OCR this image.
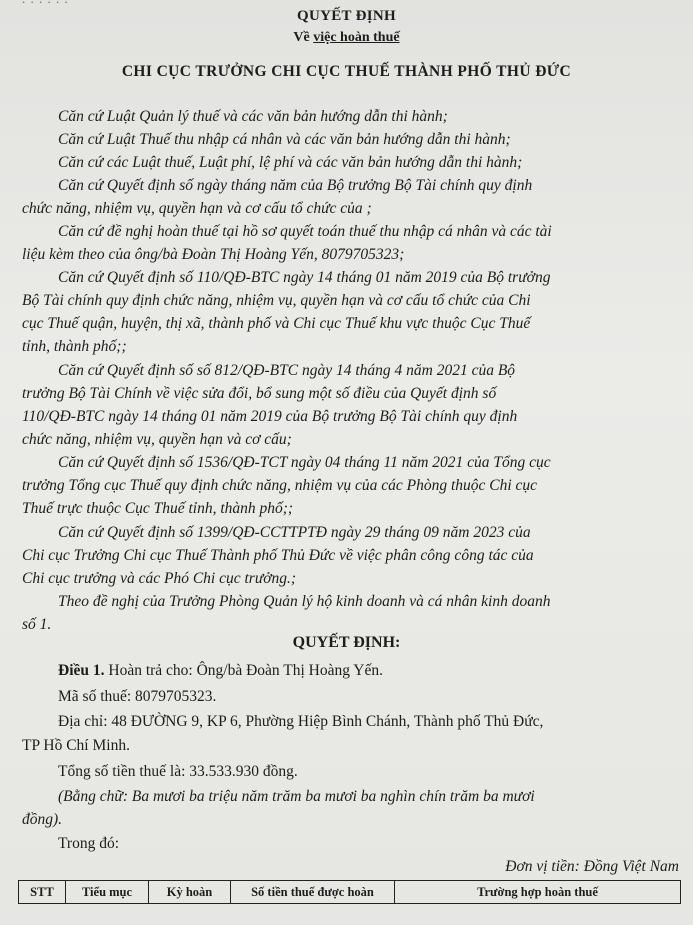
QUYẾT ĐỊNH
Về việc hoàn thuế
CHI CỤC TRƯỞNG CHI CỤC THUẾ THÀNH PHỐ THỦ ĐỨC
Căn cứ Luật Quản lý thuế và các văn bản hướng dẫn thi hành;
Căn cứ Luật Thuế thu nhập cá nhân và các văn bản hướng dẫn thi hành;
Căn cứ các Luật thuế, Luật phí, lệ phí và các văn bản hướng dẫn thi hành;
Căn cứ Quyết định số ngày tháng năm của Bộ trưởng Bộ Tài chính quy định
chức năng, nhiệm vụ, quyền hạn và cơ cấu tổ chức của ;
Căn cứ đề nghị hoàn thuế tại hồ sơ quyết toán thuế thu nhập cá nhân và các tài
liệu kèm theo của ông/bà Đoàn Thị Hoàng Yến, 8079705323;
Căn cứ Quyết định số 110/QĐ-BTC ngày 14 tháng 01 năm 2019 của Bộ trưởng
Bộ Tài chính quy định chức năng, nhiệm vụ, quyền hạn và cơ cấu tổ chức của Chi
cục Thuế quận, huyện, thị xã, thành phố và Chi cục Thuế khu vực thuộc Cục Thuế
tỉnh, thành phố;;
Căn cứ Quyết định số số 812/QĐ-BTC ngày 14 tháng 4 năm 2021 của Bộ
trưởng Bộ Tài Chính về việc sửa đổi, bổ sung một số điều của Quyết định số
110/QĐ-BTC ngày 14 tháng 01 năm 2019 của Bộ trưởng Bộ Tài chính quy định
chức năng, nhiệm vụ, quyền hạn và cơ cấu;
Căn cứ Quyết định số 1536/QĐ-TCT ngày 04 tháng 11 năm 2021 của Tổng cục
trưởng Tổng cục Thuế quy định chức năng, nhiệm vụ của các Phòng thuộc Chi cục
Thuế trực thuộc Cục Thuế tỉnh, thành phố;;
Căn cứ Quyết định số 1399/QĐ-CCTTPTĐ ngày 29 tháng 09 năm 2023 của
Chi cục Trưởng Chi cục Thuế Thành phố Thủ Đức về việc phân công công tác của
Chi cục trưởng và các Phó Chi cục trưởng.;
Theo đề nghị của Trưởng Phòng Quản lý hộ kinh doanh và cá nhân kinh doanh
số 1.
QUYẾT ĐỊNH:
Điều 1. Hoàn trả cho: Ông/bà Đoàn Thị Hoàng Yến.
Mã số thuế: 8079705323.
Địa chỉ: 48 ĐƯỜNG 9, KP 6, Phường Hiệp Bình Chánh, Thành phố Thủ Đức,
TP Hồ Chí Minh.
Tổng số tiền thuế là: 33.533.930 đồng.
(Bằng chữ: Ba mươi ba triệu năm trăm ba mươi ba nghìn chín trăm ba mươi
đồng).
Trong đó:
Đơn vị tiền: Đồng Việt Nam
STT	Tiểu mục	Kỳ hoàn	Số tiền thuế được hoàn	Trường hợp hoàn thuế
